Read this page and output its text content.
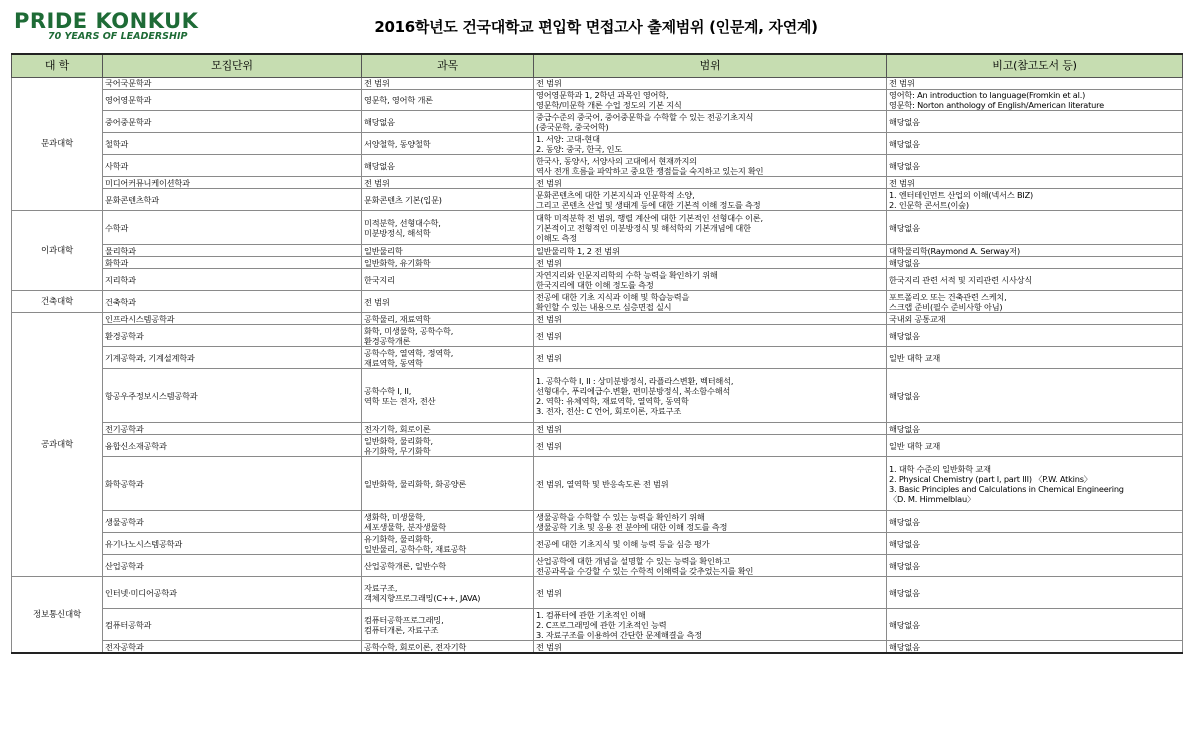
PRIDE KONKUK
70 YEARS OF LEADERSHIP
2016학년도 건국대학교 편입학 면접고사 출제범위 (인문계, 자연계)
대 학	모집단위	과목	범위	비고(참고도서 등)
문과대학	국어국문학과	전 범위	전 범위	전 범위

	영어영문학과	영문학, 영어학 개론	영어영문학과 1, 2학년 과목인 영어학,
영문학/미문학 개론 수업 정도의 기본 지식	영어학: An introduction to language(Fromkin et al.)
영문학: Norton anthology of English/American literature

	중어중문학과	해당없음	중급수준의 중국어, 중어중문학을 수학할 수 있는 전공기초지식
(중국문학, 중국어학)	해당없음

	철학과	서양철학, 동양철학	1. 서양: 고대-현대
2. 동양: 중국, 한국, 인도	해당없음

	사학과	해당없음	한국사, 동양사, 서양사의 고대에서 현재까지의
역사 전개 흐름을 파악하고 중요한 쟁점들을 숙지하고 있는지 확인	해당없음

	미디어커뮤니케이션학과	전 범위	전 범위	전 범위

	문화콘텐츠학과	문화콘텐츠 기본(입문)	문화콘텐츠에 대한 기본지식과 인문학적 소양,
그리고 콘텐츠 산업 및 생태계 등에 대한 기본적 이해 정도를 측정	1. 엔터테인먼트 산업의 이해(넥서스 BIZ)
2. 인문학 콘서트(이숲)

이과대학	수학과	미적분학, 선형대수학,
미분방정식, 해석학	대학 미적분학 전 범위, 행렬 계산에 대한 기본적인 선형대수 이론,
기본적이고 전형적인 미분방정식 및 해석학의 기본개념에 대한
이해도 측정	해당없음

	물리학과	일반물리학	일반물리학 1, 2 전 범위	대학물리학(Raymond A. Serway저)

	화학과	일반화학, 유기화학	전 범위	해당없음

	지리학과	한국지리	자연지리와 인문지리학의 수학 능력을 확인하기 위해
한국지리에 대한 이해 정도를 측정	한국지리 관련 서적 및 지리관련 시사상식

건축대학	건축학과	전 범위	전공에 대한 기초 지식과 이해 및 학습능력을
확인할 수 있는 내용으로 심층면접 실시	포트폴리오 또는 건축관련 스케치,
스크랩 준비(필수 준비사항 아님)

공과대학	인프라시스템공학과	공학물리, 재료역학	전 범위	국내외 공통교재

	환경공학과	화학, 미생물학, 공학수학,
환경공학개론	전 범위	해당없음

	기계공학과, 기계설계학과	공학수학, 열역학, 정역학,
재료역학, 동역학	전 범위	일반 대학 교재

	항공우주정보시스템공학과	공학수학 I, II,
역학 또는 전자, 전산	1. 공학수학 I, II : 상미분방정식, 라플라스변환, 벡터해석,
선형대수, 푸리에급수.변환, 편미분방정식, 복소함수해석
2. 역학: 유체역학, 재료역학, 열역학, 동역학
3. 전자, 전산: C 언어, 회로이론, 자료구조	해당없음

	전기공학과	전자기학, 회로이론	전 범위	해당없음

	융합신소재공학과	일반화학, 물리화학,
유기화학, 무기화학	전 범위	일반 대학 교재

	화학공학과	일반화학, 물리화학, 화공양론	전 범위, 열역학 및 반응속도론 전 범위	1. 대학 수준의 일반화학 교재
2. Physical Chemistry (part I, part III) 〈P.W. Atkins〉
3. Basic Principles and Calculations in Chemical Engineering
〈D. M. Himmelblau〉

	생물공학과	생화학, 미생물학,
세포생물학, 분자생물학	생물공학을 수학할 수 있는 능력을 확인하기 위해
생물공학 기초 및 응용 전 분야에 대한 이해 정도를 측정	해당없음

	유기나노시스템공학과	유기화학, 물리화학,
일반물리, 공학수학, 재료공학	전공에 대한 기초지식 및 이해 능력 등을 심층 평가	해당없음

	산업공학과	산업공학개론, 일반수학	산업공학에 대한 개념을 설명할 수 있는 능력을 확인하고
전공과목을 수강할 수 있는 수학적 이해력을 갖추었는지를 확인	해당없음

정보통신대학	인터넷·미디어공학과	자료구조,
객체지향프로그래밍(C++, JAVA)	전 범위	해당없음

	컴퓨터공학과	컴퓨터공학프로그래밍,
컴퓨터개론, 자료구조	1. 컴퓨터에 관한 기초적인 이해
2. C프로그래밍에 관한 기초적인 능력
3. 자료구조를 이용하여 간단한 문제해결을 측정	해당없음

	전자공학과	공학수학, 회로이론, 전자기학	전 범위	해당없음
